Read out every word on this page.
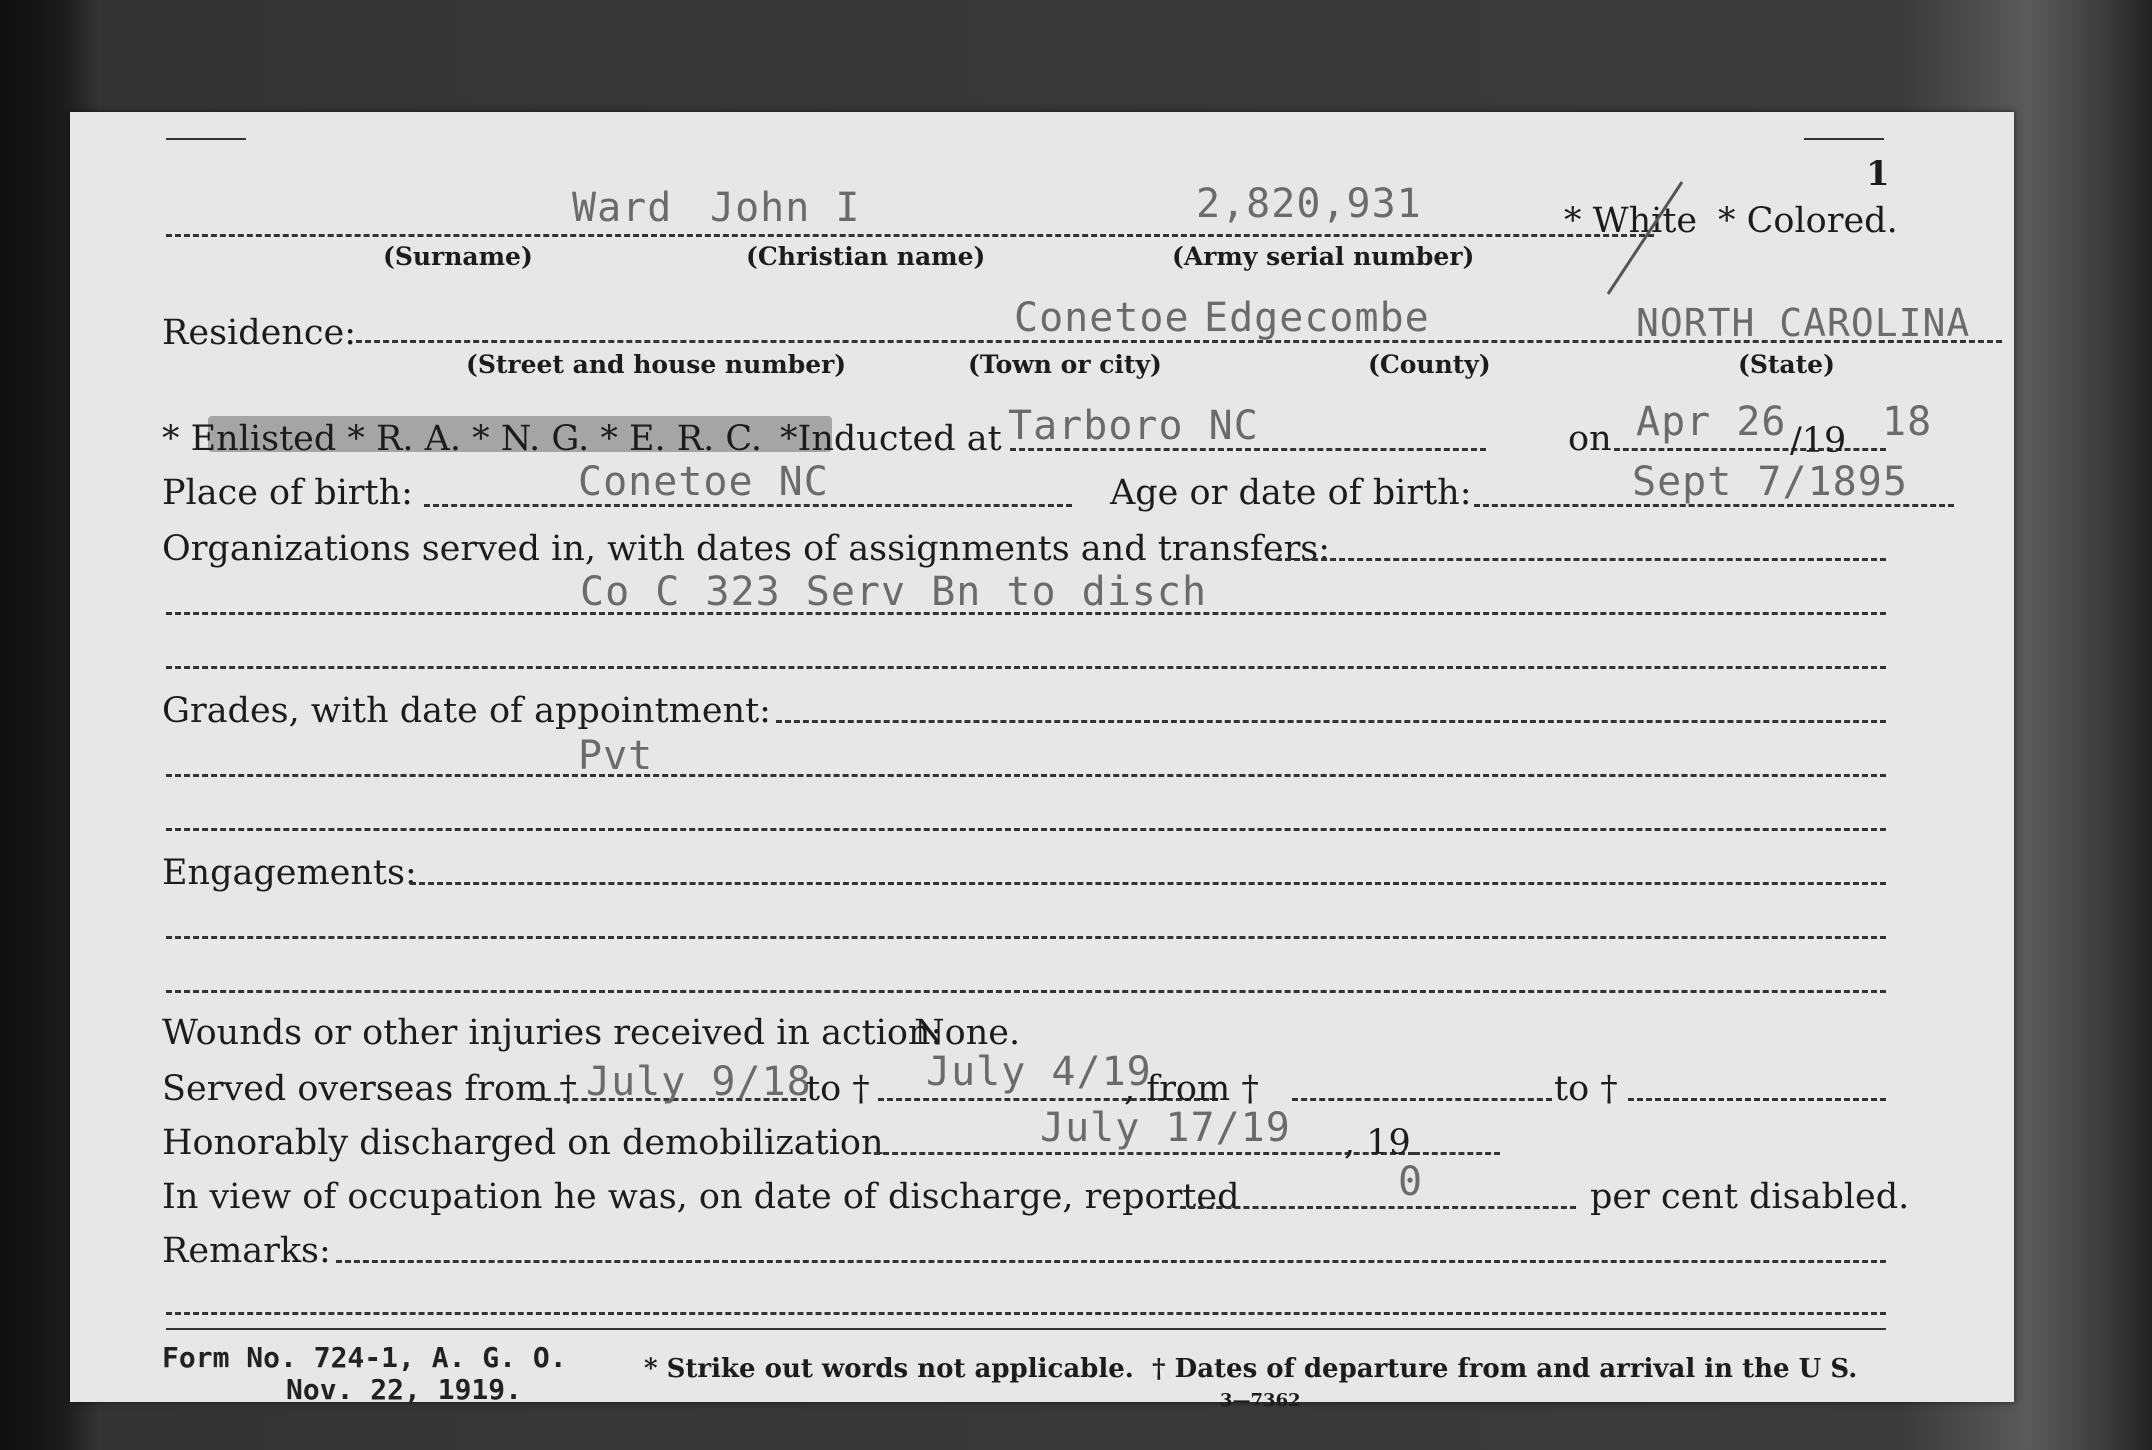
1
Ward John I	2,820,931	* White * Colored.
(Surname)	(Christian name)	(Army serial number)
Residence:	Conetoe Edgecombe	NORTH CAROLINA
(Street and house number)	(Town or city)	(County)	(State)
* Enlisted * R. A. * N. G. * E. R. C. *Inducted at Tarboro NC	on Apr 26 /19 18
Place of birth:	Conetoe NC	Age or date of birth:	Sept 7/1895
Organizations served in, with dates of assignments and transfers:
Co C 323 Serv Bn to disch
Grades, with date of appointment:
Pvt
Engagements:
Wounds or other injuries received in action:
None.
Served overseas from † July 9/18
to † July 4/19
, from †	to †
Honorably discharged on demobilization	July 17/19 , 19
In view of occupation he was, on date of discharge, reported	0	per cent disabled.
Remarks:
Form No. 724-1, A. G. O.
Nov. 22, 1919.
* Strike out words not applicable. † Dates of departure from and arrival in the U S.
3—7362
